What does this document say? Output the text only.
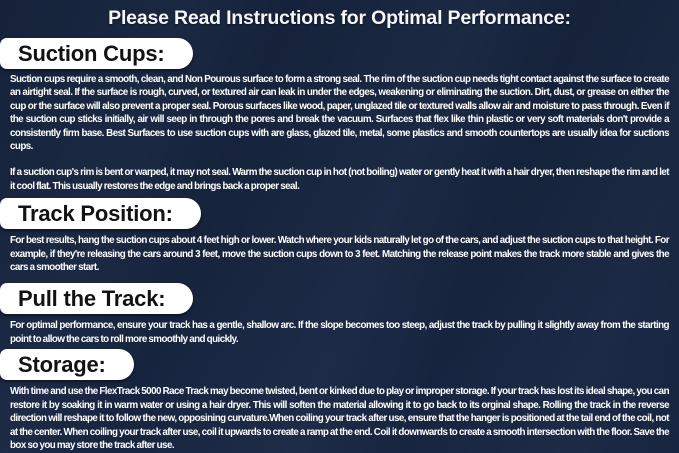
Please Read Instructions for Optimal Performance:
Suction Cups:

Suction cups require a smooth, clean, and Non Pourous surface to form a strong seal. The rim of the suction cup needs tight contact against the surface to create an airtight seal. If the surface is rough, curved, or textured air can leak in under the edges, weakening or eliminating the suction. Dirt, dust, or grease on either the cup or the surface will also prevent a proper seal. Porous surfaces like wood, paper, unglazed tile or textured walls allow air and moisture to pass through. Even if the suction cup sticks initially, air will seep in through the pores and break the vacuum. Surfaces that flex like thin plastic or very soft materials don't provide a consistently firm base. Best Surfaces to use suction cups with are glass, glazed tile, metal, some plastics and smooth countertops are usually idea for suctions cups.

If a suction cup's rim is bent or warped, it may not seal. Warm the suction cup in hot (not boiling) water or gently heat it with a hair dryer, then reshape the rim and let it cool flat. This usually restores the edge and brings back a proper seal.

Track Position:

For best results, hang the suction cups about 4 feet high or lower. Watch where your kids naturally let go of the cars, and adjust the suction cups to that height. For example, if they're releasing the cars around 3 feet, move the suction cups down to 3 feet. Matching the release point makes the track more stable and gives the cars a smoother start.

Pull the Track:

For optimal performance, ensure your track has a gentle, shallow arc. If the slope becomes too steep, adjust the track by pulling it slightly away from the starting point to allow the cars to roll more smoothly and quickly.

Storage:

With time and use the FlexTrack 5000 Race Track may become twisted, bent or kinked due to play or improper storage. If your track has lost its ideal shape, you can restore it by soaking it in warm water or using a hair dryer. This will soften the material allowing it to go back to its orginal shape. Rolling the track in the reverse direction will reshape it to follow the new, opposining curvature.When coiling your track after use, ensure that the hanger is positioned at the tail end of the coil, not at the center. When coiling your track after use, coil it upwards to create a ramp at the end. Coil it downwards to create a smooth intersection with the floor. Save the box so you may store the track after use.
